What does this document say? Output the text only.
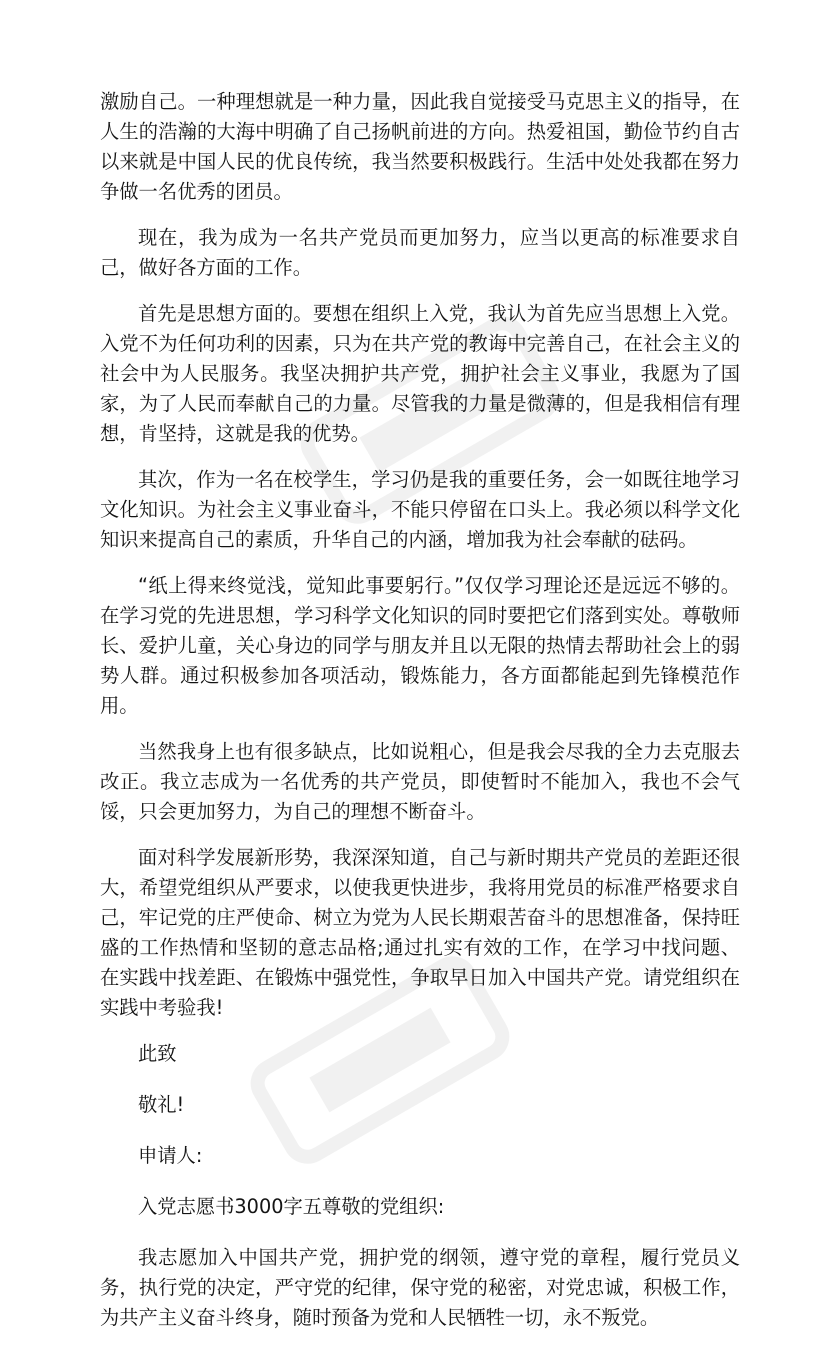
激励自己。一种理想就是一种力量，因此我自觉接受马克思主义的指导，在人生的浩瀚的大海中明确了自己扬帆前进的方向。热爱祖国，勤俭节约自古以来就是中国人民的优良传统，我当然要积极践行。生活中处处我都在努力争做一名优秀的团员。

现在，我为成为一名共产党员而更加努力，应当以更高的标准要求自己，做好各方面的工作。

首先是思想方面的。要想在组织上入党，我认为首先应当思想上入党。入党不为任何功利的因素，只为在共产党的教诲中完善自己，在社会主义的社会中为人民服务。我坚决拥护共产党，拥护社会主义事业，我愿为了国家，为了人民而奉献自己的力量。尽管我的力量是微薄的，但是我相信有理想，肯坚持，这就是我的优势。

其次，作为一名在校学生，学习仍是我的重要任务，会一如既往地学习文化知识。为社会主义事业奋斗，不能只停留在口头上。我必须以科学文化知识来提高自己的素质，升华自己的内涵，增加我为社会奉献的砝码。

“纸上得来终觉浅，觉知此事要躬行。”仅仅学习理论还是远远不够的。在学习党的先进思想，学习科学文化知识的同时要把它们落到实处。尊敬师长、爱护儿童，关心身边的同学与朋友并且以无限的热情去帮助社会上的弱势人群。通过积极参加各项活动，锻炼能力，各方面都能起到先锋模范作用。

当然我身上也有很多缺点，比如说粗心，但是我会尽我的全力去克服去改正。我立志成为一名优秀的共产党员，即使暂时不能加入，我也不会气馁，只会更加努力，为自己的理想不断奋斗。

面对科学发展新形势，我深深知道，自己与新时期共产党员的差距还很大，希望党组织从严要求，以使我更快进步，我将用党员的标准严格要求自己，牢记党的庄严使命、树立为党为人民长期艰苦奋斗的思想准备，保持旺盛的工作热情和坚韧的意志品格;通过扎实有效的工作，在学习中找问题、在实践中找差距、在锻炼中强党性，争取早日加入中国共产党。请党组织在实践中考验我!

此致

敬礼!

申请人:

入党志愿书3000字五尊敬的党组织:

我志愿加入中国共产党，拥护党的纲领，遵守党的章程，履行党员义务，执行党的决定，严守党的纪律，保守党的秘密，对党忠诚，积极工作，为共产主义奋斗终身，随时预备为党和人民牺牲一切，永不叛党。
